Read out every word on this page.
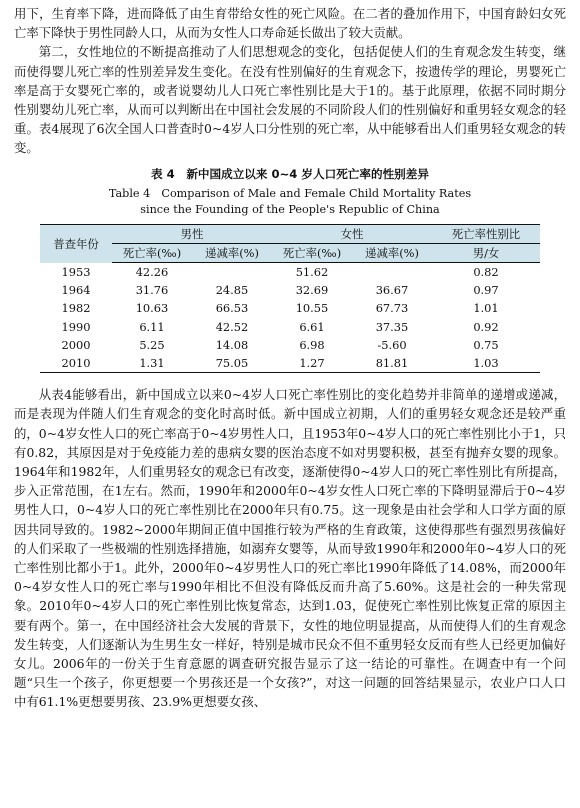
用下，生育率下降，进而降低了由生育带给女性的死亡风险。在二者的叠加作用下，中国育龄妇女死亡率下降快于男性同龄人口，从而为女性人口寿命延长做出了较大贡献。

第二，女性地位的不断提高推动了人们思想观念的变化，包括促使人们的生育观念发生转变，继而使得婴儿死亡率的性别差异发生变化。在没有性别偏好的生育观念下，按遗传学的理论，男婴死亡率是高于女婴死亡率的，或者说婴幼儿人口死亡率性别比是大于1的。基于此原理，依据不同时期分性别婴幼儿死亡率，从而可以判断出在中国社会发展的不同阶段人们的性别偏好和重男轻女观念的轻重。表4展现了6次全国人口普查时0~4岁人口分性别的死亡率，从中能够看出人们重男轻女观念的转变。

表 4　新中国成立以来 0~4 岁人口死亡率的性别差异

Table 4　Comparison of Male and Female Child Mortality Rates

since the Founding of the People's Republic of China

普查年份	男性		女性		死亡率性别比
	死亡率(‰)	递减率(%)	死亡率(‰)	递减率(%)	男/女
1953	42.26		51.62		0.82
1964	31.76	24.85	32.69	36.67	0.97
1982	10.63	66.53	10.55	67.73	1.01
1990	6.11	42.52	6.61	37.35	0.92
2000	5.25	14.08	6.98	-5.60	0.75
2010	1.31	75.05	1.27	81.81	1.03

从表4能够看出，新中国成立以来0~4岁人口死亡率性别比的变化趋势并非简单的递增或递减，而是表现为伴随人们生育观念的变化时高时低。新中国成立初期，人们的重男轻女观念还是较严重的，0~4岁女性人口的死亡率高于0~4岁男性人口，且1953年0~4岁人口的死亡率性别比小于1，只有0.82，其原因是对于免疫能力差的患病女婴的医治态度不如对男婴积极，甚至有抛弃女婴的现象。1964年和1982年，人们重男轻女的观念已有改变，逐渐使得0~4岁人口的死亡率性别比有所提高，步入正常范围，在1左右。然而，1990年和2000年0~4岁女性人口死亡率的下降明显滞后于0~4岁男性人口，0~4岁人口的死亡率性别比在2000年只有0.75。这一现象是由社会学和人口学方面的原因共同导致的。1982~2000年期间正值中国推行较为严格的生育政策，这使得那些有强烈男孩偏好的人们采取了一些极端的性别选择措施，如溺弃女婴等，从而导致1990年和2000年0~4岁人口的死亡率性别比都小于1。此外，2000年0~4岁男性人口的死亡率比1990年降低了14.08%，而2000年0~4岁女性人口的死亡率与1990年相比不但没有降低反而升高了5.60%。这是社会的一种失常现象。2010年0~4岁人口的死亡率性别比恢复常态，达到1.03，促使死亡率性别比恢复正常的原因主要有两个。第一，在中国经济社会大发展的背景下，女性的地位明显提高，从而使得人们的生育观念发生转变，人们逐渐认为生男生女一样好，特别是城市民众不但不重男轻女反而有些人已经更加偏好女儿。2006年的一份关于生育意愿的调查研究报告显示了这一结论的可靠性。在调查中有一个问题“只生一个孩子，你更想要一个男孩还是一个女孩?”，对这一问题的回答结果显示，农业户口人口中有61.1%更想要男孩、23.9%更想要女孩、
